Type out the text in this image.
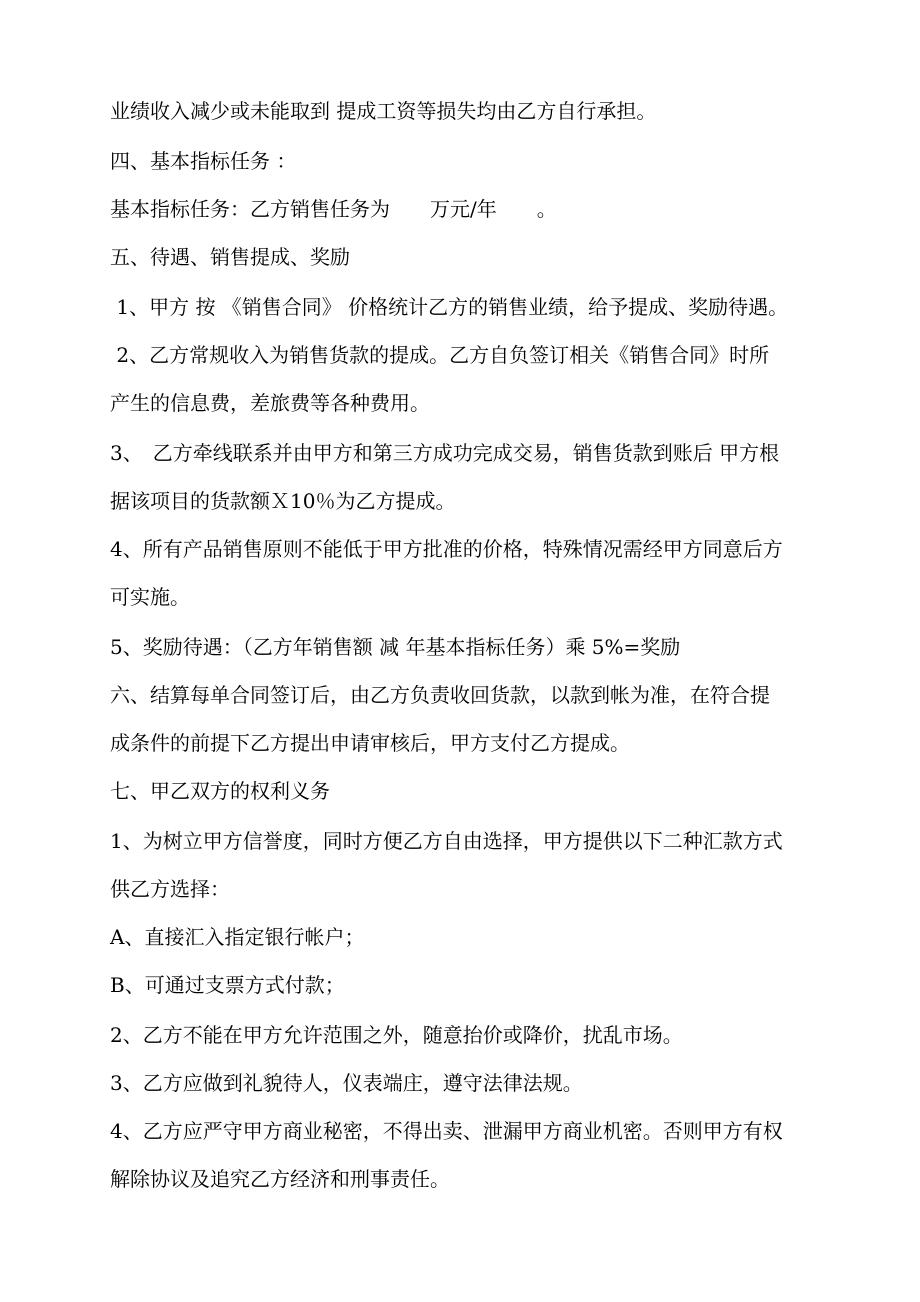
业绩收入减少或未能取到 提成工资等损失均由乙方自行承担。

四、基本指标任务 ：

基本指标任务：乙方销售任务为　　万元/年　　。

五、待遇、销售提成、奖励

1、甲方 按 《销售合同》 价格统计乙方的销售业绩，给予提成、奖励待遇。

2、乙方常规收入为销售货款的提成。乙方自负签订相关《销售合同》时所

产生的信息费，差旅费等各种费用。

3、　乙方牵线联系并由甲方和第三方成功完成交易，销售货款到账后 甲方根

据该项目的货款额Ｘ10％为乙方提成。

4、所有产品销售原则不能低于甲方批准的价格，特殊情况需经甲方同意后方

可实施。

5、奖励待遇：（乙方年销售额 减 年基本指标任务）乘 5%=奖励

六、结算每单合同签订后，由乙方负责收回货款，以款到帐为准，在符合提

成条件的前提下乙方提出申请审核后，甲方支付乙方提成。

七、甲乙双方的权利义务

1、为树立甲方信誉度，同时方便乙方自由选择，甲方提供以下二种汇款方式

供乙方选择：

A、直接汇入指定银行帐户；

B、可通过支票方式付款；

2、乙方不能在甲方允许范围之外，随意抬价或降价，扰乱市场。

3、乙方应做到礼貌待人，仪表端庄，遵守法律法规。

4、乙方应严守甲方商业秘密，不得出卖、泄漏甲方商业机密。否则甲方有权

解除协议及追究乙方经济和刑事责任。
